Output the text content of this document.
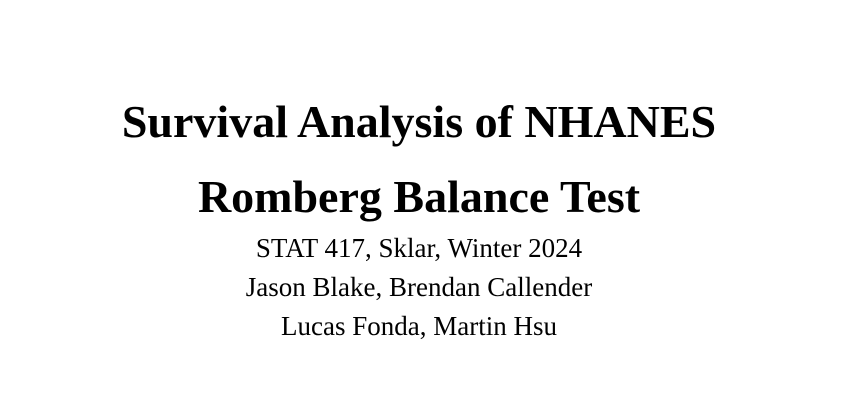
Survival Analysis of NHANES

Romberg Balance Test

STAT 417, Sklar, Winter 2024

Jason Blake, Brendan Callender

Lucas Fonda, Martin Hsu
